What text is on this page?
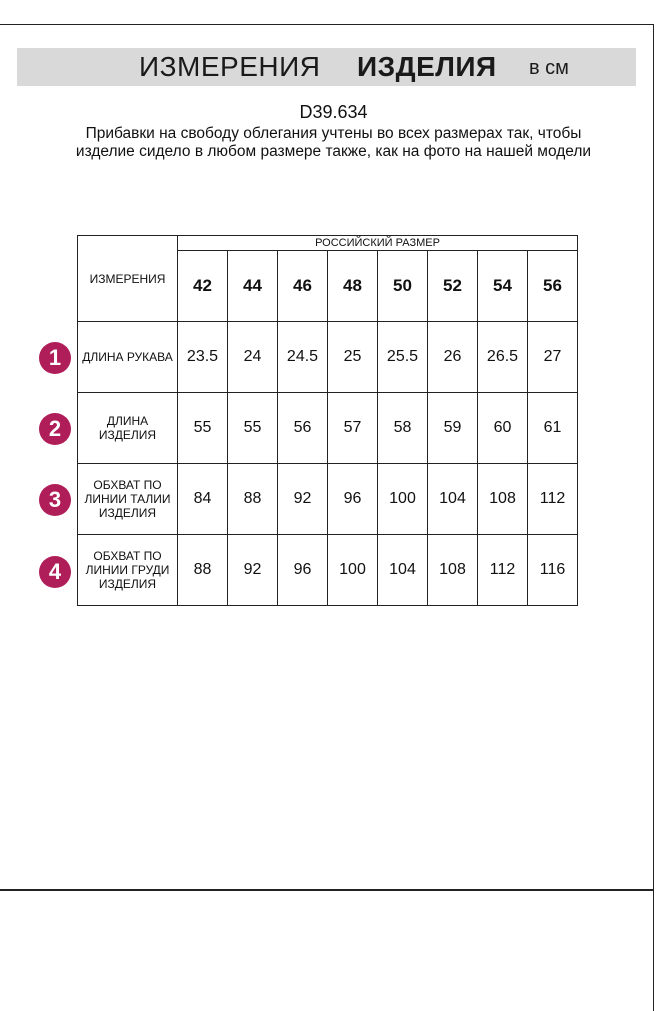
ИЗМЕРЕНИЯ ИЗДЕЛИЯ в см
D39.634
Прибавки на свободу облегания учтены во всех размерах так, чтобы изделие сидело в любом размере также, как на фото на нашей модели
ИЗМЕРЕНИЯ	РОССИЙСКИЙ РАЗМЕР							
	42	44	46	48	50	52	54	56
ДЛИНА РУКАВА	23.5	24	24.5	25	25.5	26	26.5	27
ДЛИНА ИЗДЕЛИЯ	55	55	56	57	58	59	60	61
ОБХВАТ ПО ЛИНИИ ТАЛИИ ИЗДЕЛИЯ	84	88	92	96	100	104	108	112
ОБХВАТ ПО ЛИНИИ ГРУДИ ИЗДЕЛИЯ	88	92	96	100	104	108	112	116
1
2
3
4
